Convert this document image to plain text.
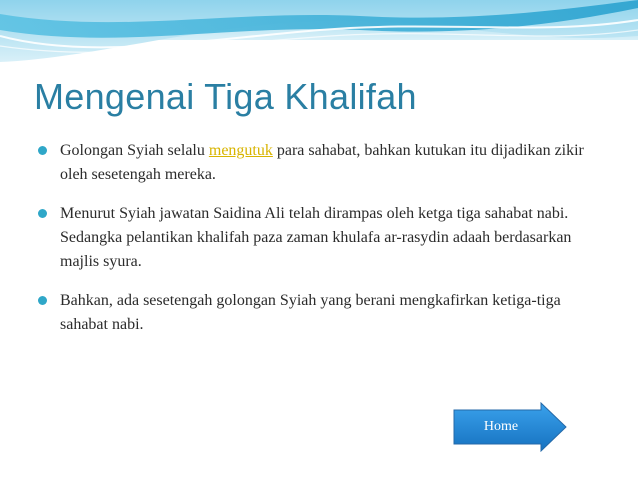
Mengenai Tiga Khalifah
Golongan Syiah selalu mengutuk para sahabat, bahkan kutukan itu dijadikan zikir oleh sesetengah mereka.
Menurut Syiah jawatan Saidina Ali telah dirampas oleh ketga tiga sahabat nabi. Sedangka pelantikan khalifah paza zaman khulafa ar-rasydin adaah berdasarkan majlis syura.
Bahkan, ada sesetengah golongan Syiah yang berani mengkafirkan ketiga-tiga sahabat nabi.
Home
